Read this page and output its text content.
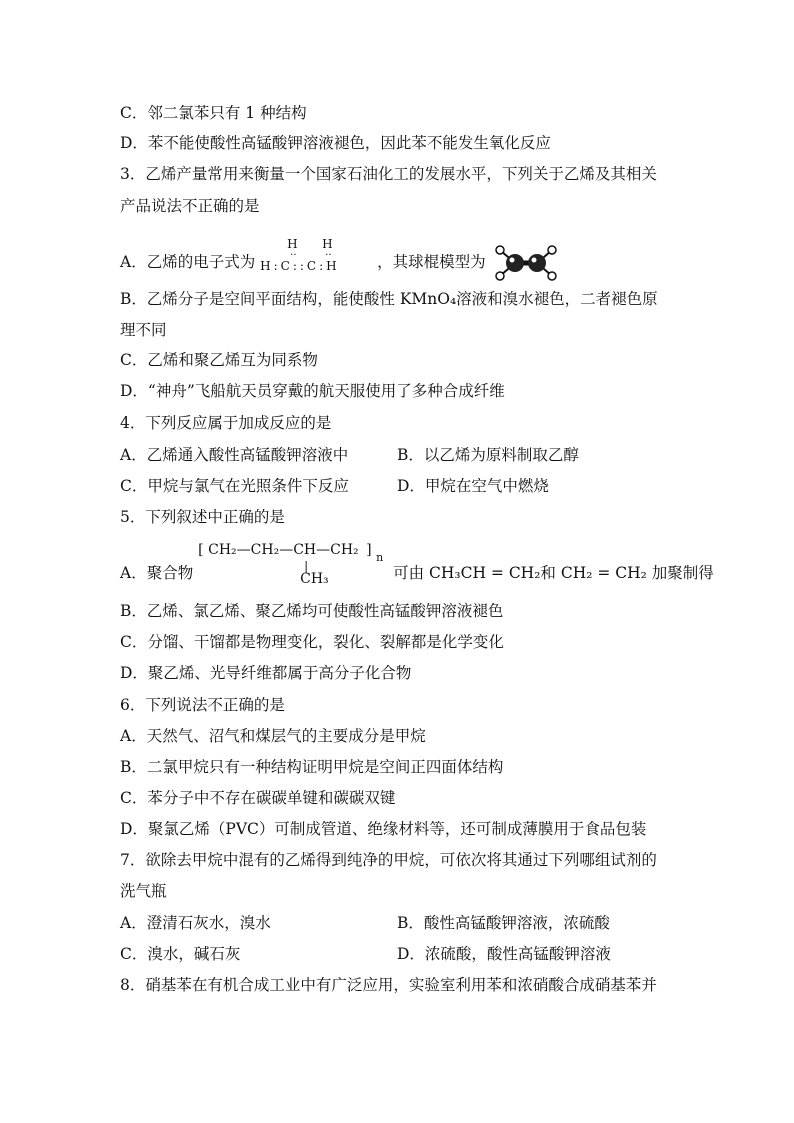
C．邻二氯苯只有 1 种结构
D．苯不能使酸性高锰酸钾溶液褪色，因此苯不能发生氧化反应
3．乙烯产量常用来衡量一个国家石油化工的发展水平，下列关于乙烯及其相关
产品说法不正确的是
A．乙烯的电子式为
H H
··	··
H:C::C:H ，其球棍模型为
B．乙烯分子是空间平面结构，能使酸性 KMnO₄溶液和溴水褪色，二者褪色原
理不同
C．乙烯和聚乙烯互为同系物
D．“神舟”飞船航天员穿戴的航天服使用了多种合成纤维
4．下列反应属于加成反应的是
A．乙烯通入酸性高锰酸钾溶液中	B．以乙烯为原料制取乙醇
C．甲烷与氯气在光照条件下反应	D．甲烷在空气中燃烧
5．下列叙述中正确的是
A．聚合物
[ CH₂—CH₂—CH—CH₂ ] n
|
CH₃	可由 CH₃CH = CH₂和 CH₂ = CH₂ 加聚制得
B．乙烯、氯乙烯、聚乙烯均可使酸性高锰酸钾溶液褪色
C．分馏、干馏都是物理变化，裂化、裂解都是化学变化
D．聚乙烯、光导纤维都属于高分子化合物
6．下列说法不正确的是
A．天然气、沼气和煤层气的主要成分是甲烷
B．二氯甲烷只有一种结构证明甲烷是空间正四面体结构
C．苯分子中不存在碳碳单键和碳碳双键
D．聚氯乙烯（PVC）可制成管道、绝缘材料等，还可制成薄膜用于食品包装
7．欲除去甲烷中混有的乙烯得到纯净的甲烷，可依次将其通过下列哪组试剂的
洗气瓶
A．澄清石灰水，溴水	B．酸性高锰酸钾溶液，浓硫酸
C．溴水，碱石灰	D．浓硫酸，酸性高锰酸钾溶液
8．硝基苯在有机合成工业中有广泛应用，实验室利用苯和浓硝酸合成硝基苯并
